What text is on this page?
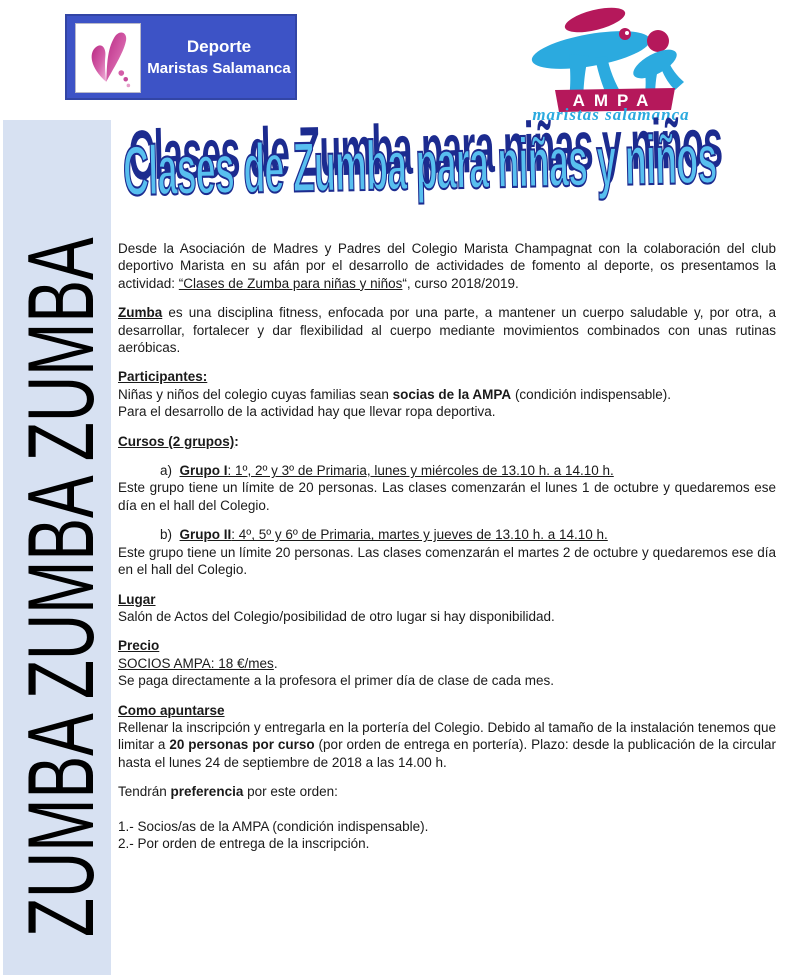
ZUMBA ZUMBA ZUMBA
Deporte
Maristas Salamanca
AMPA
maristas salamanca
Clases de Zumba para niñas y niños

Desde la Asociación de Madres y Padres del Colegio Marista Champagnat con la colaboración del club deportivo Marista en su afán por el desarrollo de actividades de fomento al deporte, os presentamos la actividad: “Clases de Zumba para niñas y niños“, curso 2018/2019.

Zumba es una disciplina fitness, enfocada por una parte, a mantener un cuerpo saludable y, por otra, a desarrollar, fortalecer y dar flexibilidad al cuerpo mediante movimientos combinados con unas rutinas aeróbicas.

Participantes:

Niñas y niños del colegio cuyas familias sean socias de la AMPA (condición indispensable).

Para el desarrollo de la actividad hay que llevar ropa deportiva.

Cursos (2 grupos):

a)  Grupo I: 1º, 2º y 3º de Primaria, lunes y miércoles de 13.10 h. a 14.10 h.

Este grupo tiene un límite de 20 personas. Las clases comenzarán el lunes 1 de octubre y quedaremos ese día en el hall del Colegio.

b)  Grupo II: 4º, 5º y 6º de Primaria, martes y jueves de 13.10 h. a 14.10 h.

Este grupo tiene un límite 20 personas. Las clases comenzarán el martes 2 de octubre y quedaremos ese día en el hall del Colegio.

Lugar

Salón de Actos del Colegio/posibilidad de otro lugar si hay disponibilidad.

Precio

SOCIOS AMPA: 18 €/mes.

Se paga directamente a la profesora el primer día de clase de cada mes.

Como apuntarse

Rellenar la inscripción y entregarla en la portería del Colegio. Debido al tamaño de la instalación tenemos que limitar a 20 personas por curso (por orden de entrega en portería). Plazo: desde la publicación de la circular hasta el lunes 24 de septiembre de 2018 a las 14.00 h.

Tendrán preferencia por este orden:

1.- Socios/as de la AMPA (condición indispensable).

2.- Por orden de entrega de la inscripción.
